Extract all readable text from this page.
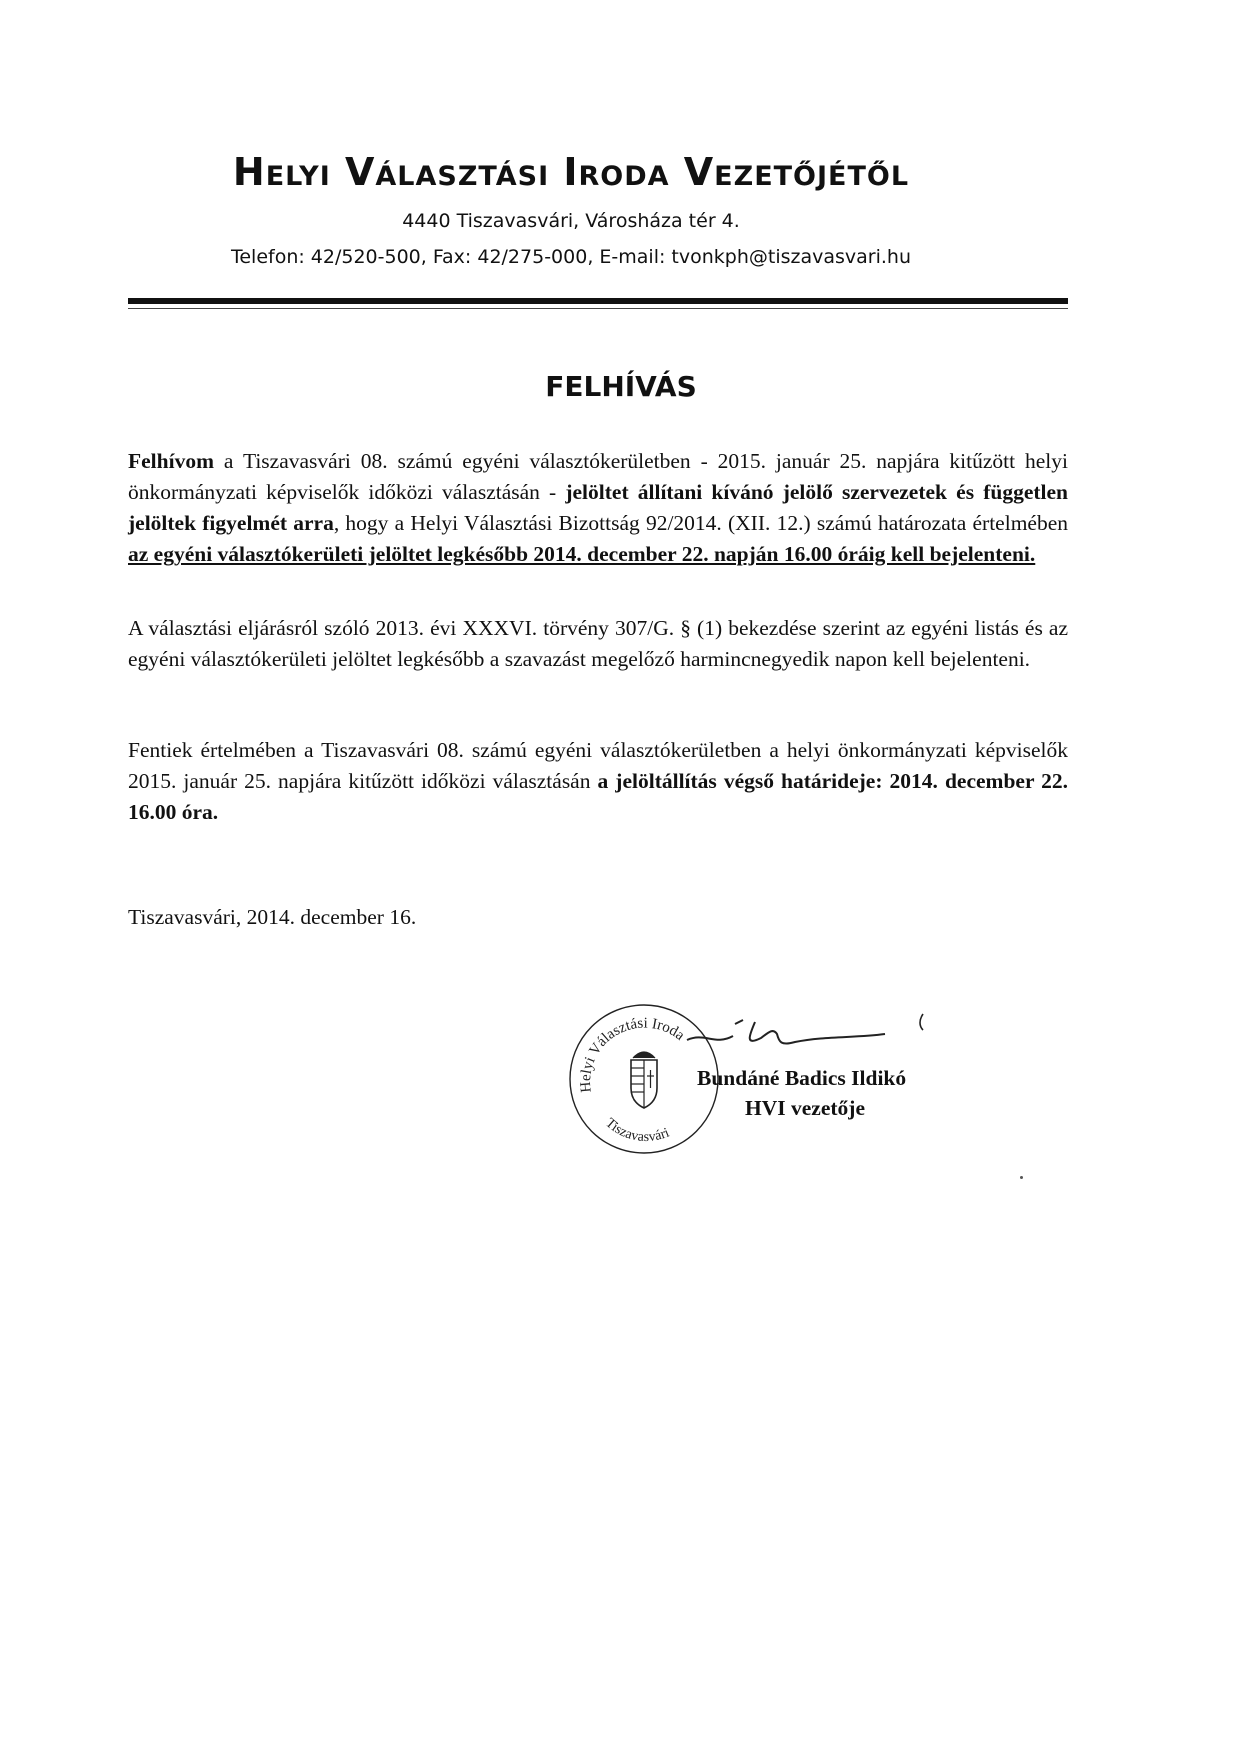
Helyi Választási Iroda Vezetőjétől
4440 Tiszavasvári, Városháza tér 4.
Telefon: 42/520-500, Fax: 42/275-000, E-mail: tvonkph@tiszavasvari.hu
FELHÍVÁS
Felhívom a Tiszavasvári 08. számú egyéni választókerületben - 2015. január 25. napjára kitűzött helyi önkormányzati képviselők időközi választásán - jelöltet állítani kívánó jelölő szervezetek és független jelöltek figyelmét arra, hogy a Helyi Választási Bizottság 92/2014. (XII. 12.) számú határozata értelmében az egyéni választókerületi jelöltet legkésőbb 2014. december 22. napján 16.00 óráig kell bejelenteni.
A választási eljárásról szóló 2013. évi XXXVI. törvény 307/G. § (1) bekezdése szerint az egyéni listás és az egyéni választókerületi jelöltet legkésőbb a szavazást megelőző harmincnegyedik napon kell bejelenteni.
Fentiek értelmében a Tiszavasvári 08. számú egyéni választókerületben a helyi önkormányzati képviselők 2015. január 25. napjára kitűzött időközi választásán a jelöltállítás végső határideje: 2014. december 22. 16.00 óra.
Tiszavasvári, 2014. december 16.
Helyi Választási Iroda
Tiszavasvári
Bundáné Badics Ildikó
HVI vezetője
